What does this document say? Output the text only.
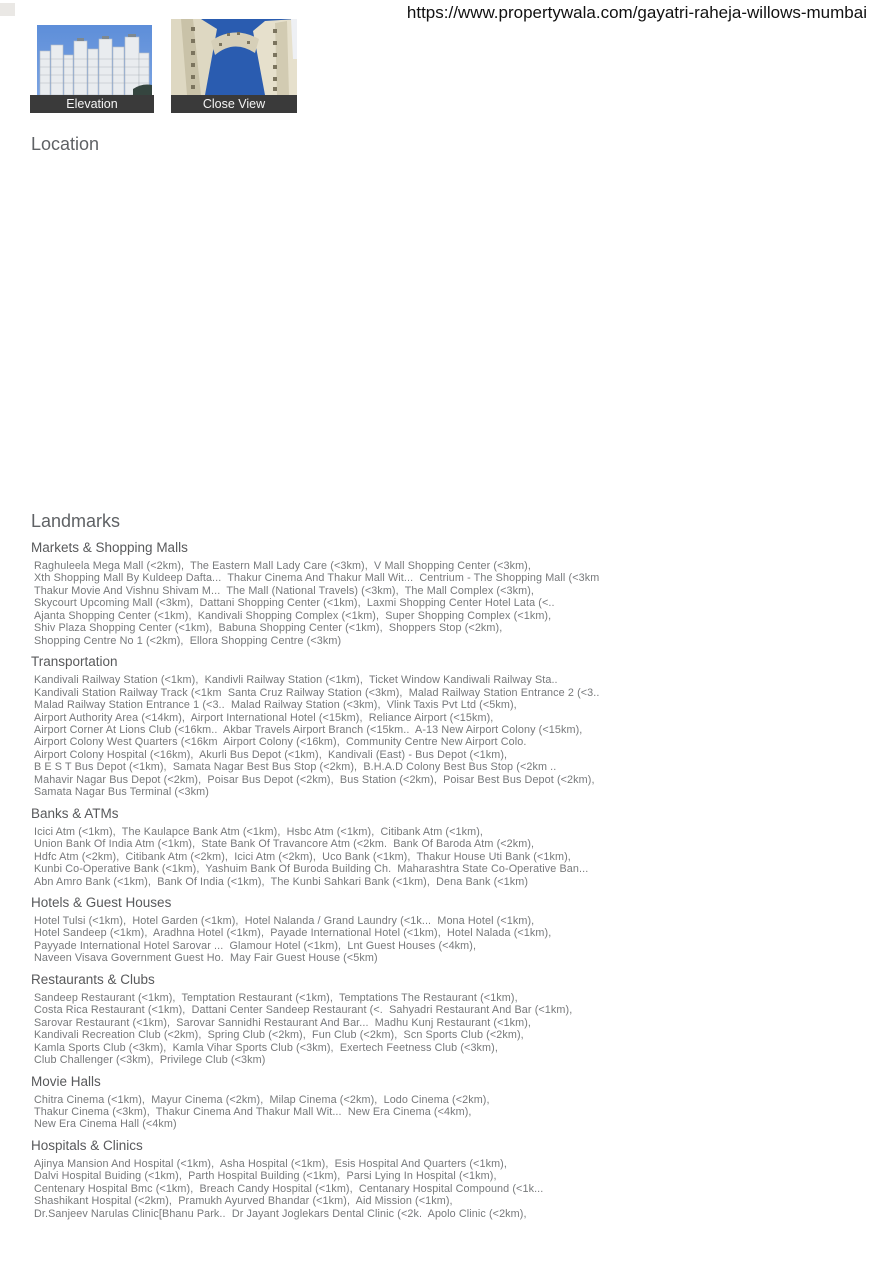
https://www.propertywala.com/gayatri-raheja-willows-mumbai
Elevation	Close View
Location
Landmarks
Markets & Shopping Malls
Raghuleela Mega Mall (<2km),  The Eastern Mall Lady Care (<3km),  V Mall Shopping Center (<3km),
Xth Shopping Mall By Kuldeep Dafta...  Thakur Cinema And Thakur Mall Wit...  Centrium - The Shopping Mall (<3km
Thakur Movie And Vishnu Shivam M...  The Mall (National Travels) (<3km),  The Mall Complex (<3km),
Skycourt Upcoming Mall (<3km),  Dattani Shopping Center (<1km),  Laxmi Shopping Center Hotel Lata (<..
Ajanta Shopping Center (<1km),  Kandivali Shopping Complex (<1km),  Super Shopping Complex (<1km),
Shiv Plaza Shopping Center (<1km),  Babuna Shopping Center (<1km),  Shoppers Stop (<2km),
Shopping Centre No 1 (<2km),  Ellora Shopping Centre (<3km)
Transportation
Kandivali Railway Station (<1km),  Kandivli Railway Station (<1km),  Ticket Window Kandiwali Railway Sta..
Kandivali Station Railway Track (<1km  Santa Cruz Railway Station (<3km),  Malad Railway Station Entrance 2 (<3..
Malad Railway Station Entrance 1 (<3..  Malad Railway Station (<3km),  Vlink Taxis Pvt Ltd (<5km),
Airport Authority Area (<14km),  Airport International Hotel (<15km),  Reliance Airport (<15km),
Airport Corner At Lions Club (<16km..  Akbar Travels Airport Branch (<15km..  A-13 New Airport Colony (<15km),
Airport Colony West Quarters (<16km  Airport Colony (<16km),  Community Centre New Airport Colo.
Airport Colony Hospital (<16km),  Akurli Bus Depot (<1km),  Kandivali (East) - Bus Depot (<1km),
B E S T Bus Depot (<1km),  Samata Nagar Best Bus Stop (<2km),  B.H.A.D Colony Best Bus Stop (<2km ..
Mahavir Nagar Bus Depot (<2km),  Poisar Bus Depot (<2km),  Bus Station (<2km),  Poisar Best Bus Depot (<2km),
Samata Nagar Bus Terminal (<3km)
Banks & ATMs
Icici Atm (<1km),  The Kaulapce Bank Atm (<1km),  Hsbc Atm (<1km),  Citibank Atm (<1km),
Union Bank Of India Atm (<1km),  State Bank Of Travancore Atm (<2km.  Bank Of Baroda Atm (<2km),
Hdfc Atm (<2km),  Citibank Atm (<2km),  Icici Atm (<2km),  Uco Bank (<1km),  Thakur House Uti Bank (<1km),
Kunbi Co-Operative Bank (<1km),  Yashuim Bank Of Buroda Building Ch.  Maharashtra State Co-Operative Ban...
Abn Amro Bank (<1km),  Bank Of India (<1km),  The Kunbi Sahkari Bank (<1km),  Dena Bank (<1km)
Hotels & Guest Houses
Hotel Tulsi (<1km),  Hotel Garden (<1km),  Hotel Nalanda / Grand Laundry (<1k...  Mona Hotel (<1km),
Hotel Sandeep (<1km),  Aradhna Hotel (<1km),  Payade International Hotel (<1km),  Hotel Nalada (<1km),
Payyade International Hotel Sarovar ...  Glamour Hotel (<1km),  Lnt Guest Houses (<4km),
Naveen Visava Government Guest Ho.  May Fair Guest House (<5km)
Restaurants & Clubs
Sandeep Restaurant (<1km),  Temptation Restaurant (<1km),  Temptations The Restaurant (<1km),
Costa Rica Restaurant (<1km),  Dattani Center Sandeep Restaurant (<.  Sahyadri Restaurant And Bar (<1km),
Sarovar Restaurant (<1km),  Sarovar Sannidhi Restaurant And Bar...  Madhu Kunj Restaurant (<1km),
Kandivali Recreation Club (<2km),  Spring Club (<2km),  Fun Club (<2km),  Scn Sports Club (<2km),
Kamla Sports Club (<3km),  Kamla Vihar Sports Club (<3km),  Exertech Feetness Club (<3km),
Club Challenger (<3km),  Privilege Club (<3km)
Movie Halls
Chitra Cinema (<1km),  Mayur Cinema (<2km),  Milap Cinema (<2km),  Lodo Cinema (<2km),
Thakur Cinema (<3km),  Thakur Cinema And Thakur Mall Wit...  New Era Cinema (<4km),
New Era Cinema Hall (<4km)
Hospitals & Clinics
Ajinya Mansion And Hospital (<1km),  Asha Hospital (<1km),  Esis Hospital And Quarters (<1km),
Dalvi Hospital Buiding (<1km),  Parth Hospital Building (<1km),  Parsi Lying In Hospital (<1km),
Centenary Hospital Bmc (<1km),  Breach Candy Hospital (<1km),  Centanary Hospital Compound (<1k...
Shashikant Hospital (<2km),  Pramukh Ayurved Bhandar (<1km),  Aid Mission (<1km),
Dr.Sanjeev Narulas Clinic[Bhanu Park..  Dr Jayant Joglekars Dental Clinic (<2k.  Apolo Clinic (<2km),
